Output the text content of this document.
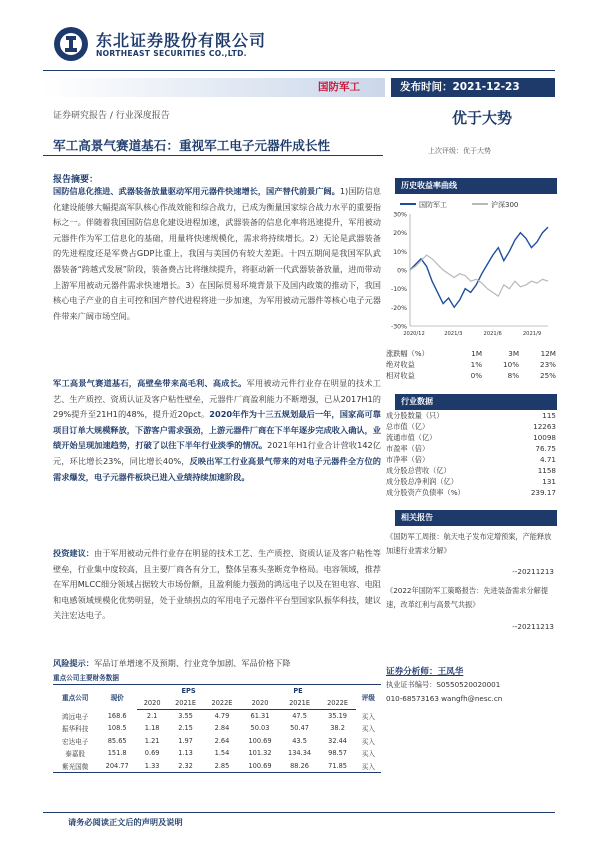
东北证券股份有限公司
NORTHEAST SECURITIES CO.,LTD.
国防军工	发布时间：2021-12-23
证券研究报告 / 行业深度报告	优于大势
上次评级：优于大势
军工高景气赛道基石：重视军工电子元器件成长性
报告摘要：
国防信息化推进、武器装备放量驱动军用元器件快速增长，国产替代前景广阔。1)国防信息化建设能够大幅提高军队核心作战效能和综合战力，已成为衡量国家综合战力水平的重要指标之一。伴随着我国国防信息化建设进程加速，武器装备的信息化率将迅速提升，军用被动元器件作为军工信息化的基础，用量将快速规模化，需求将持续增长。2）无论是武器装备的先进程度还是军费占GDP比重上，我国与美国仍有较大差距。十四五期间是我国军队武器装备“跨越式发展”阶段，装备费占比将继续提升，将驱动新一代武器装备放量，进而带动上游军用被动元器件需求快速增长。3）在国际贸易环境背景下及国内政策的推动下，我国核心电子产业的自主可控和国产替代进程将进一步加速，为军用被动元器件等核心电子元器件带来广阔市场空间。
军工高景气赛道基石，高壁垒带来高毛利、高成长。军用被动元件行业存在明显的技术工艺、生产质控、资质认证及客户粘性壁垒，元器件厂商盈利能力不断增强，已从2017H1的29%提升至21H1的48%，提升近20pct。2020年作为十三五规划最后一年，国家高可靠项目订单大规模释放，下游客户需求强劲，上游元器件厂商在下半年逐步完成收入确认，业绩开始呈现加速趋势，打破了以往下半年行业淡季的情况。2021年H1行业合计营收142亿元，环比增长23%，同比增长40%，反映出军工行业高景气带来的对电子元器件全方位的需求爆发，电子元器件板块已进入业绩持续加速阶段。
投资建议：由于军用被动元件行业存在明显的技术工艺、生产质控、资质认证及客户粘性等壁垒，行业集中度较高，且主要厂商各有分工，整体呈寡头垄断竞争格局。电容领域，推荐在军用MLCC细分领域占据较大市场份额，且盈利能力强劲的鸿远电子以及在钽电容、电阻和电感领域规模化优势明显，处于业绩拐点的军用电子元器件平台型国家队振华科技，建议关注宏达电子。
风险提示：军品订单增速不及预期、行业竞争加剧、军品价格下降
重点公司主要财务数据
重点公司	现价	EPS			PE			评级
		2020	2021E	2022E	2020	2021E	2022E	
鸿远电子	168.6	2.1	3.55	4.79	61.31	47.5	35.19	买入
振华科技	108.5	1.18	2.15	2.84	50.03	50.47	38.2	买入
宏达电子	85.65	1.21	1.97	2.64	100.69	43.5	32.44	买入
泰嘉股	151.8	0.69	1.13	1.54	101.32	134.34	98.57	买入
紫光国微	204.77	1.33	2.32	2.85	100.69	88.26	71.85	买入
历史收益率曲线
国防军工	沪深300
30%
20%
10%
0%
-10%
-20%
-30%
2020/12	2021/3	2021/6	2021/9
涨跌幅（%）	1M	3M	12M
绝对收益	1%	10%	23%
相对收益	0%	8%	25%
行业数据
成分股数量（只）	115
总市值（亿）	12263
流通市值（亿）	10098
市盈率（倍）	76.75
市净率（倍）	4.71
成分股总营收（亿）	1158
成分股总净利润（亿）	131
成分股资产负债率（%）	239.17
相关报告
《国防军工周报：航天电子发布定增预案，产能释放加速行业需求分解》
--20211213
《2022年国防军工策略报告：先进装备需求分解提速，改革红利与高景气共振》
--20211213
证券分析师：王凤华
执业证书编号：S0550520020001
010-68573163 wangfh@nesc.cn
请务必阅读正文后的声明及说明
